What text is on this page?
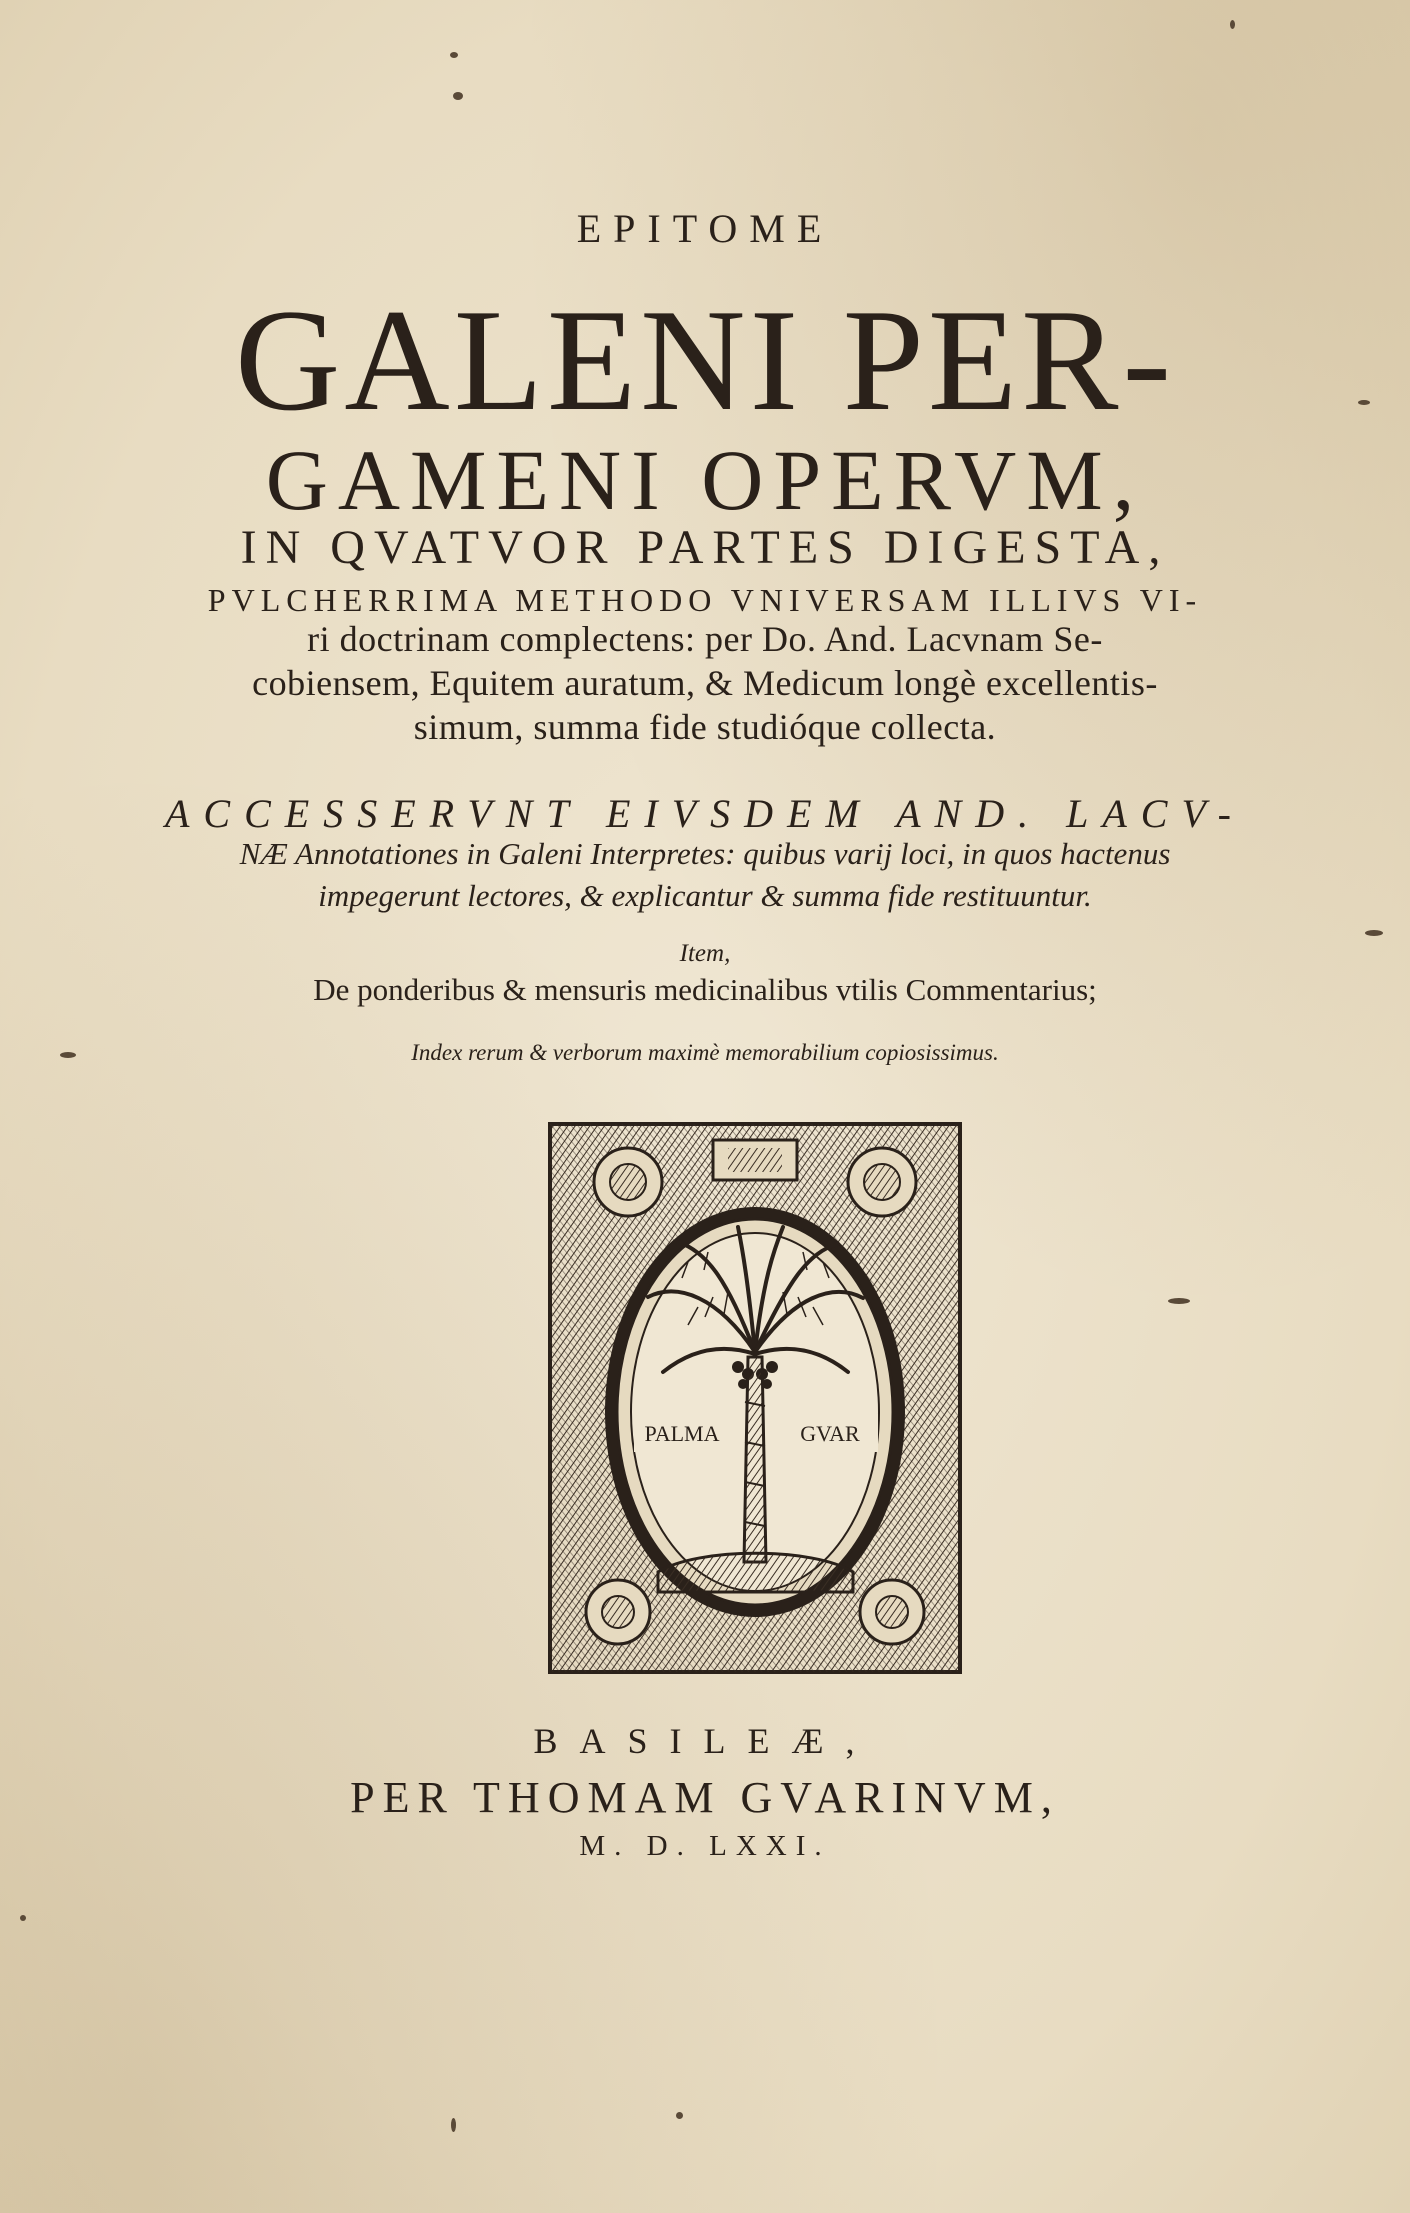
EPITOME

GALENI PER-

GAMENI OPERVM,

IN QVATVOR PARTES DIGESTA,

PVLCHERRIMA METHODO VNIVERSAM ILLIVS VI-

ri doctrinam complectens: per Do. And. Lacvnam Se-

cobiensem, Equitem auratum, & Medicum longè excellentis-

simum, summa fide studióque collecta.

ACCESSERVNT EIVSDEM AND. LACV-

NÆ Annotationes in Galeni Interpretes: quibus varij loci, in quos hactenus

impegerunt lectores, & explicantur & summa fide restituuntur.

Item,

De ponderibus & mensuris medicinalibus vtilis Commentarius;

Index rerum & verborum maximè memorabilium copiosissimus.

PALMA	GVAR

BASILEÆ,

PER THOMAM GVARINVM,

M. D. LXXI.
